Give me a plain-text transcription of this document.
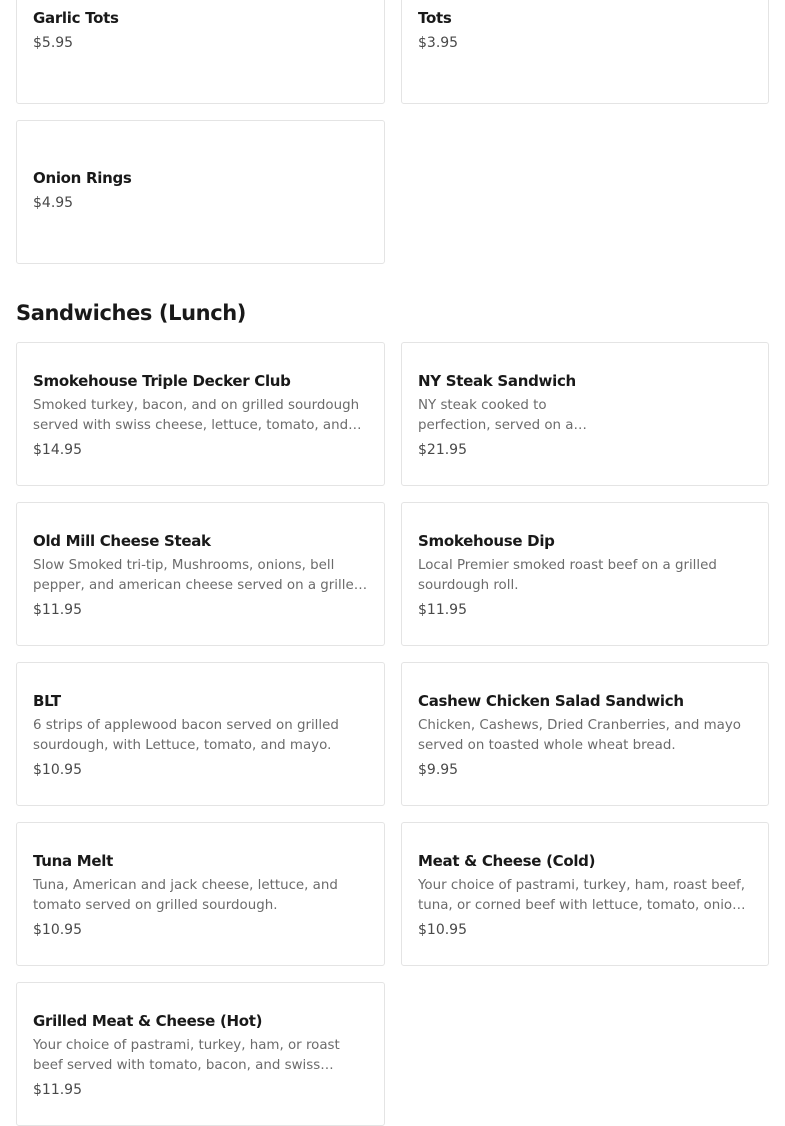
Garlic Tots
$5.95
Tots
$3.95
Onion Rings
$4.95
Sandwiches (Lunch)
Smokehouse Triple Decker Club
Smoked turkey, bacon, and on grilled sourdough served with swiss cheese, lettuce, tomato, and
$14.95
NY Steak Sandwich
NY steak cooked to perfection, served on a
$21.95
Old Mill Cheese Steak
Slow Smoked tri-tip, Mushrooms, onions, bell pepper, and american cheese served on a grilled
$11.95
Smokehouse Dip
Local Premier smoked roast beef on a grilled sourdough roll.
$11.95
BLT
6 strips of applewood bacon served on grilled sourdough, with Lettuce, tomato, and mayo.
$10.95
Cashew Chicken Salad Sandwich
Chicken, Cashews, Dried Cranberries, and mayo served on toasted whole wheat bread.
$9.95
Tuna Melt
Tuna, American and jack cheese, lettuce, and tomato served on grilled sourdough.
$10.95
Meat & Cheese (Cold)
Your choice of pastrami, turkey, ham, roast beef, tuna, or corned beef with lettuce, tomato, onions,
$10.95
Grilled Meat & Cheese (Hot)
Your choice of pastrami, turkey, ham, or roast beef served with tomato, bacon, and swiss
$11.95
